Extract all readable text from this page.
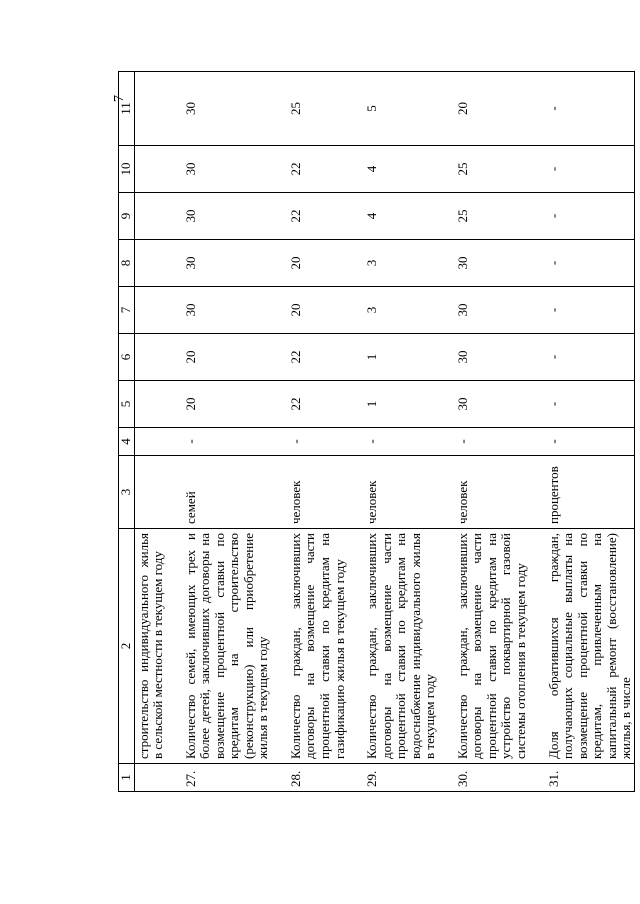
7
1	2	3	4	5	6	7	8	9	10	11
	строительство индивидуального жилья в сельской местности в текущем году									
27.	Количество семей, имеющих трех и более детей, заключивших договоры на возмещение процентной ставки по кредитам на строительство (реконструкцию) или приобретение жилья в текущем году	семей	-	20	20	30	30	30	30	30
28.	Количество граждан, заключивших договоры на возмещение части процентной ставки по кредитам на газификацию жилья в текущем году	человек	-	22	22	20	20	22	22	25
29.	Количество граждан, заключивших договоры на возмещение части процентной ставки по кредитам на водоснабжение индивидуального жилья в текущем году	человек	-	1	1	3	3	4	4	5
30.	Количество граждан, заключивших договоры на возмещение части процентной ставки по кредитам на устройство поквартирной газовой системы отопления в текущем году	человек	-	30	30	30	30	25	25	20
31.	Доля обратившихся граждан, получающих социальные выплаты на возмещение процентной ставки по кредитам, привлеченным на капитальный ремонт (восстановление) жилья, в числе	процентов	-	-	-	-	-	-	-	-
